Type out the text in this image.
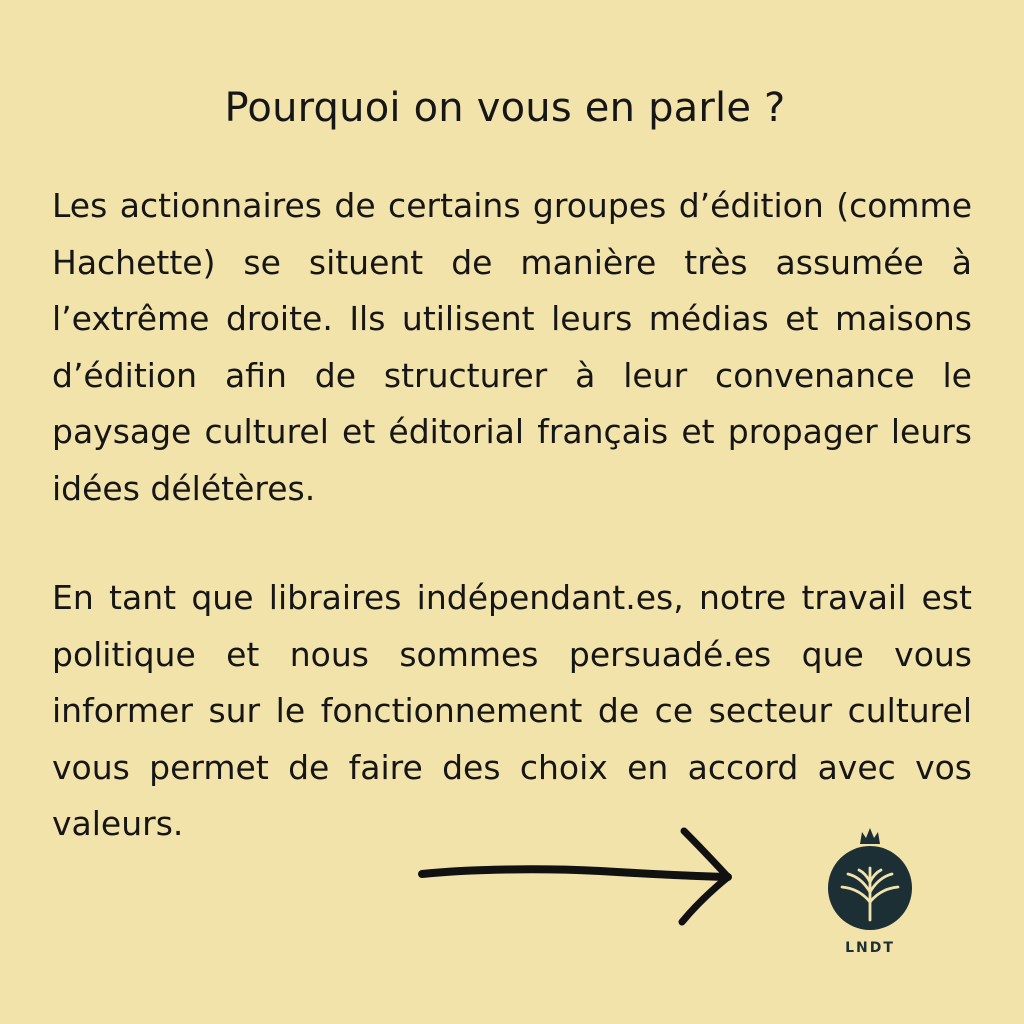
Pourquoi on vous en parle ?
Les actionnaires de certains groupes d’édition (comme Hachette) se situent de manière très assumée à l’extrême droite. Ils utilisent leurs médias et maisons d’édition afin de structurer à leur convenance le paysage culturel et éditorial français et propager leurs idées délétères.
En tant que libraires indépendant.es, notre travail est politique et nous sommes persuadé.es que vous informer sur le fonctionnement de ce secteur culturel vous permet de faire des choix en accord avec vos valeurs.
LNDT
